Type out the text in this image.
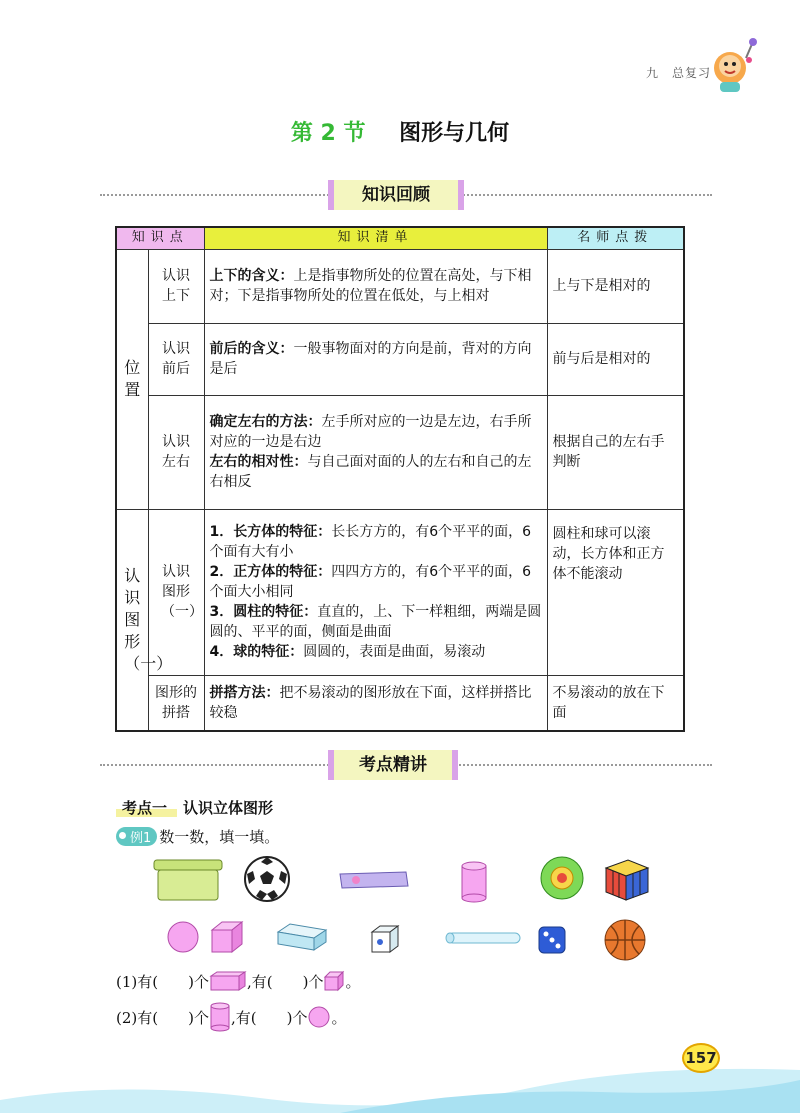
九　总复习
第 2 节 图形与几何
知识回顾
知识点		知识清单	名师点拨
位置	认识上下	上下的含义：上是指事物所处的位置在高处，与下相对；下是指事物所处的位置在低处，与上相对	上与下是相对的
	认识前后	前后的含义：一般事物面对的方向是前，背对的方向是后	前与后是相对的
	认识左右	确定左右的方法：左手所对应的一边是左边，右手所对应的一边是右边
左右的相对性：与自己面对面的人的左右和自己的左右相反	根据自己的左右手判断
认识图形（一）	认识图形（一）	1．长方体的特征：长长方方的，有6个平平的面，6个面有大有小
2．正方体的特征：四四方方的，有6个平平的面，6个面大小相同
3．圆柱的特征：直直的，上、下一样粗细，两端是圆圆的、平平的面，侧面是曲面
4．球的特征：圆圆的，表面是曲面，易滚动	圆柱和球可以滚动，长方体和正方体不能滚动
	图形的拼搭	拼搭方法：把不易滚动的图形放在下面，这样拼搭比较稳	不易滚动的放在下面
考点精讲
考点一 认识立体图形
例1 数一数，填一填。
(1)有( )个	,有( )个 。
(2)有( )个 ,有( )个 。
157
